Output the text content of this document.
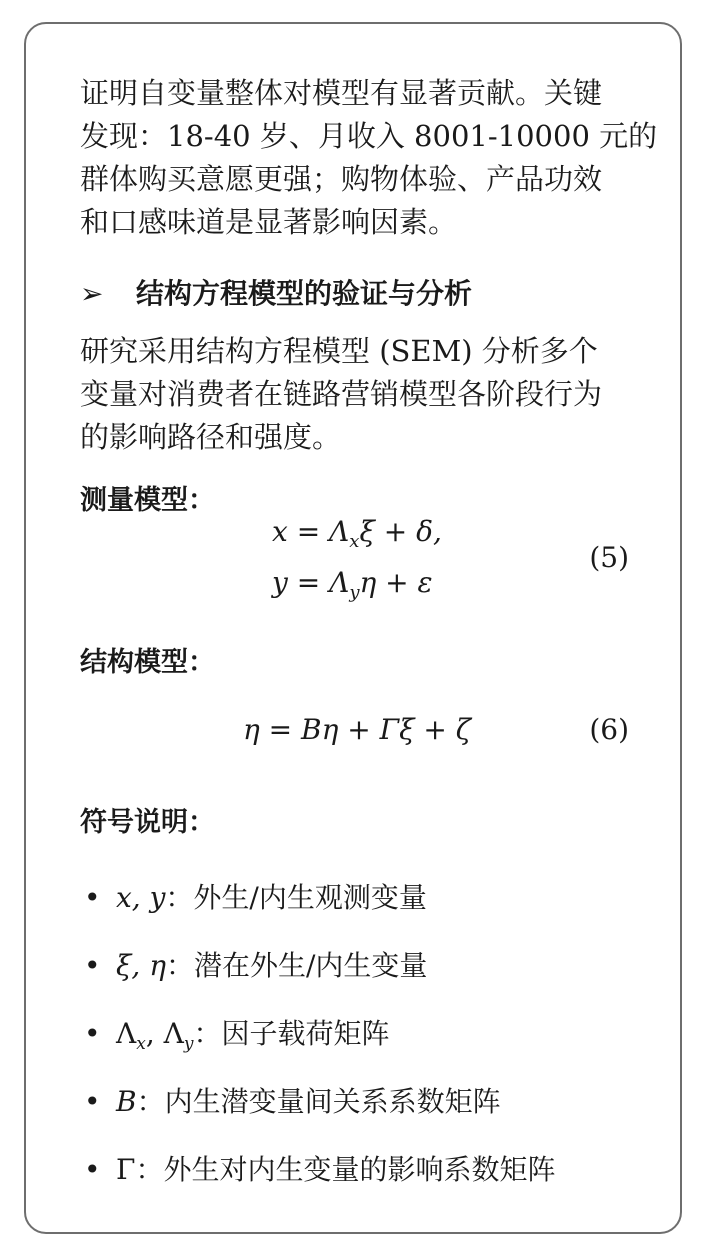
证明自变量整体对模型有显著贡献。关键
发现：18-40 岁、月收入 8001-10000 元的
群体购买意愿更强；购物体验、产品功效
和口感味道是显著影响因素。
➢ 结构方程模型的验证与分析
研究采用结构方程模型 (SEM) 分析多个
变量对消费者在链路营销模型各阶段行为
的影响路径和强度。
测量模型：
$x = \Lambda_x\xi + \delta$,
$y = \Lambda_y\eta + \varepsilon$
(5)
结构模型：
η = Bη + Γξ + ζ	(6)
符号说明：
• x, y：外生/内生观测变量
• ξ, η：潜在外生/内生变量
• $\Lambda_x$, $\Lambda_y$：因子载荷矩阵
• B：内生潜变量间关系系数矩阵
• Γ：外生对内生变量的影响系数矩阵
